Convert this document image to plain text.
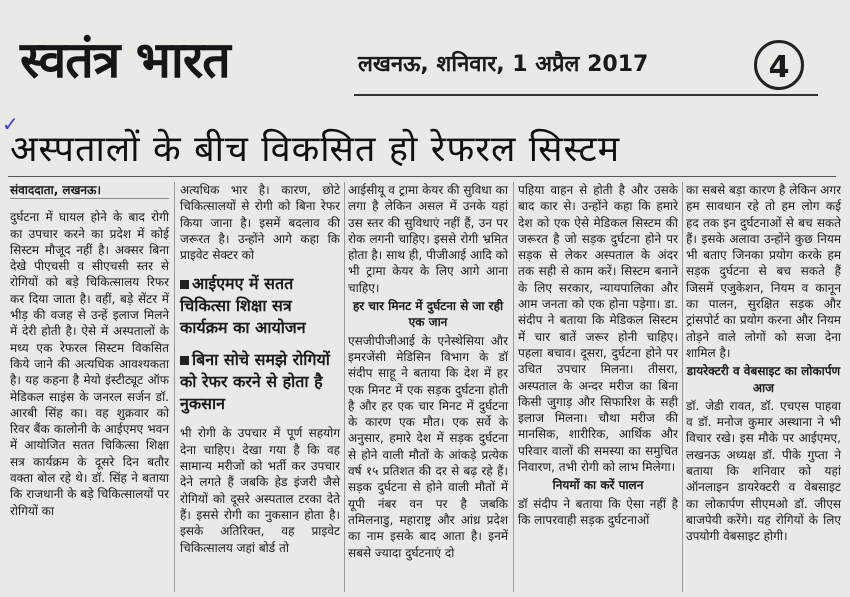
स्वतंत्र भारत	लखनऊ, शनिवार, 1 अप्रैल 2017	4
✓
अस्पतालों के बीच विकसित हो रेफरल सिस्टम
संवाददाता, लखनऊ।

दुर्घटना में घायल होने के बाद रोगी का उपचार करने का प्रदेश में कोई सिस्टम मौजूद नहीं है। अक्सर बिना देखे पीएचसी व सीएचसी स्तर से रोगियों को बड़े चिकित्सालय रिफर कर दिया जाता है। वहीं, बड़े सेंटर में भीड़ की वजह से उन्हें इलाज मिलने में देरी होती है। ऐसे में अस्पतालों के मध्य एक रेफरल सिस्टम विकसित किये जाने की अत्यधिक आवश्यकता है। यह कहना है मेयो इंस्टीट्यूट ऑफ मेडिकल साइंस के जनरल सर्जन डॉ. आरबी सिंह का। वह शुक्रवार को रिवर बैंक कालोनी के आईएमए भवन में आयोजित सतत चिकित्सा शिक्षा सत्र कार्यक्रम के दूसरे दिन बतौर वक्ता बोल रहे थे। डॉ. सिंह ने बताया कि राजधानी के बड़े चिकित्सालयों पर रोगियों का

अत्यधिक भार है। कारण, छोटे चिकित्सालयों से रोगी को बिना रेफर किया जाना है। इसमें बदलाव की जरूरत है। उन्होंने आगे कहा कि प्राइवेट सेक्टर को

आईएमए में सतत चिकित्सा शिक्षा सत्र कार्यक्रम का आयोजन
बिना सोचे समझे रोगियों को रेफर करने से होता है नुकसान

भी रोगी के उपचार में पूर्ण सहयोग देना चाहिए। देखा गया है कि वह सामान्य मरीजों को भर्ती कर उपचार देने लगते हैं जबकि हेड इंजरी जैसे रोगियों को दूसरे अस्पताल टरका देते हैं। इससे रोगी का नुकसान होता है। इसके अतिरिक्त, वह प्राइवेट चिकित्सालय जहां बोर्ड तो

आईसीयू व ट्रामा केयर की सुविधा का लगा है लेकिन असल में उनके यहां उस स्तर की सुविधाएं नहीं हैं, उन पर रोक लगनी चाहिए। इससे रोगी भ्रमित होता है। साथ ही, पीजीआई आदि को भी ट्रामा केयर के लिए आगे आना चाहिए।

हर चार मिनट में दुर्घटना से जा रही एक जान

एसजीपीजीआई के एनेस्थेसिया और इमरजेंसी मेडिसिन विभाग के डॉ संदीप साहू ने बताया कि देश में हर एक मिनट में एक सड़क दुर्घटना होती है और हर एक चार मिनट में दुर्घटना के कारण एक मौत। एक सर्वे के अनुसार, हमारे देश में सड़क दुर्घटना से होने वाली मौतों के आंकड़े प्रत्येक वर्ष १५ प्रतिशत की दर से बढ़ रहे हैं। सड़क दुर्घटना से होने वाली मौतों में यूपी नंबर वन पर है जबकि तमिलनाडु, महाराष्ट्र और आंध्र प्रदेश का नाम इसके बाद आता है। इनमें सबसे ज्यादा दुर्घटनाएं दो

पहिया वाहन से होती है और उसके बाद कार से। उन्होंने कहा कि हमारे देश को एक ऐसे मेडिकल सिस्टम की जरूरत है जो सड़क दुर्घटना होने पर सड़क से लेकर अस्पताल के अंदर तक सही से काम करें। सिस्टम बनाने के लिए सरकार, न्यायपालिका और आम जनता को एक होना पड़ेगा। डा. संदीप ने बताया कि मेडिकल सिस्टम में चार बातें जरूर होनी चाहिए। पहला बचाव। दूसरा, दुर्घटना होने पर उचित उपचार मिलना। तीसरा, अस्पताल के अन्दर मरीज का बिना किसी जुगाड़ और सिफारिश के सही इलाज मिलना। चौथा मरीज की मानसिक, शारीरिक, आर्थिक और परिवार वालों की समस्या का समुचित निवारण, तभी रोगी को लाभ मिलेगा।

नियमों का करें पालन

डॉ संदीप ने बताया कि ऐसा नहीं है कि लापरवाही सड़क दुर्घटनाओं

का सबसे बड़ा कारण है लेकिन अगर हम सावधान रहे तो हम लोग कई हद तक इन दुर्घटनाओं से बच सकते हैं। इसके अलावा उन्होंने कुछ नियम भी बताए जिनका प्रयोग करके हम सड़क दुर्घटना से बच सकते हैं जिसमें एजुकेशन, नियम व कानून का पालन, सुरक्षित सड़क और ट्रांसपोर्ट का प्रयोग करना और नियम तोड़ने वाले लोगों को सजा देना शामिल है।

डायरेक्टरी व वेबसाइट का लोकार्पण आज

डॉ. जेडी रावत, डॉ. एचएस पाहवा व डॉ. मनोज कुमार अस्थाना ने भी विचार रखे। इस मौके पर आईएमए, लखनऊ अध्यक्ष डॉ. पीके गुप्ता ने बताया कि शनिवार को यहां ऑनलाइन डायरेक्टरी व वेबसाइट का लोकार्पण सीएमओ डॉ. जीएस बाजपेयी करेंगे। यह रोगियों के लिए उपयोगी वेबसाइट होगी।
